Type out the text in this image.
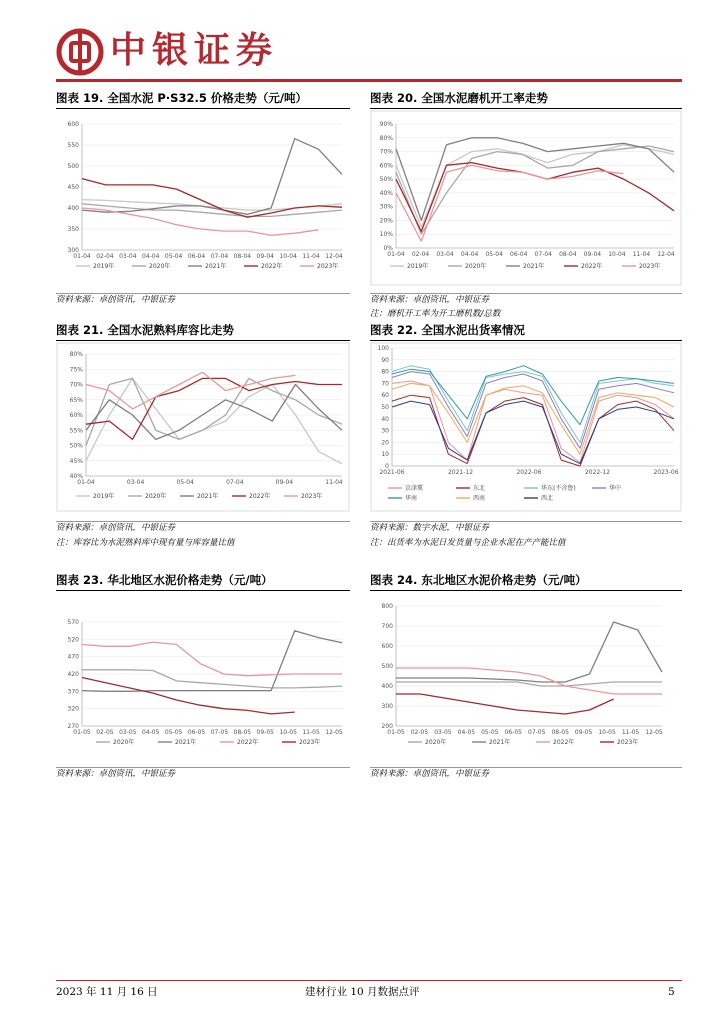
中银证券
图表 19. 全国水泥 P·S32.5 价格走势（元/吨）	图表 20. 全国水泥磨机开工率走势
图表 21. 全国水泥熟料库容比走势	图表 22. 全国水泥出货率情况
图表 23. 华北地区水泥价格走势（元/吨）	图表 24. 东北地区水泥价格走势（元/吨）
300
350
400
450
500
550
600
01-04 02-04 03-04 04-04 05-04 06-04 07-04 08-04 09-04 10-04 11-04 12-04
2019年	2020年	2021年	2022年	2023年
0%
10%
20%
30%
40%
50%
60%
70%
80%
90%
01-04 02-04 03-04 04-04 05-04 06-04 07-04 08-04 09-04 10-04 11-04 12-04
2019年	2020年	2021年	2022年	2023年
40%
45%
50%
55%
60%
65%
70%
75%
80%
01-04	03-04	05-04	07-04	09-04	11-04
2019年	2020年	2021年	2022年	2023年
0
10
20
30
40
50
60
70
80
90
100
2021-06	2021-12	2022-06	2022-12	2023-06
京津冀	东北	华东(不含鲁)	华中
华南	西南	西北
270
320
370
420
470
520
570
01-05 02-05 03-05 04-05 05-05 06-05 07-05 08-05 09-05 10-05 11-05 12-05
2020年	2021年	2022年	2023年
200
300
400
500
600
700
800
01-05 02-05 03-05 04-05 05-05 06-05 07-05 08-05 09-05 10-05 11-05 12-05
2020年	2021年	2022年	2023年
资料来源：卓创资讯，中银证券	资料来源：卓创资讯，中银证券
注：磨机开工率为开工磨机数/总数
资料来源：卓创资讯，中银证券
注：库容比为水泥熟料库中现有量与库容量比值
资料来源：数字水泥，中银证券
注：出货率为水泥日发货量与企业水泥在产产能比值
资料来源：卓创资讯，中银证券	资料来源：卓创资讯，中银证券
2023 年 11 月 16 日	建材行业 10 月数据点评	5
